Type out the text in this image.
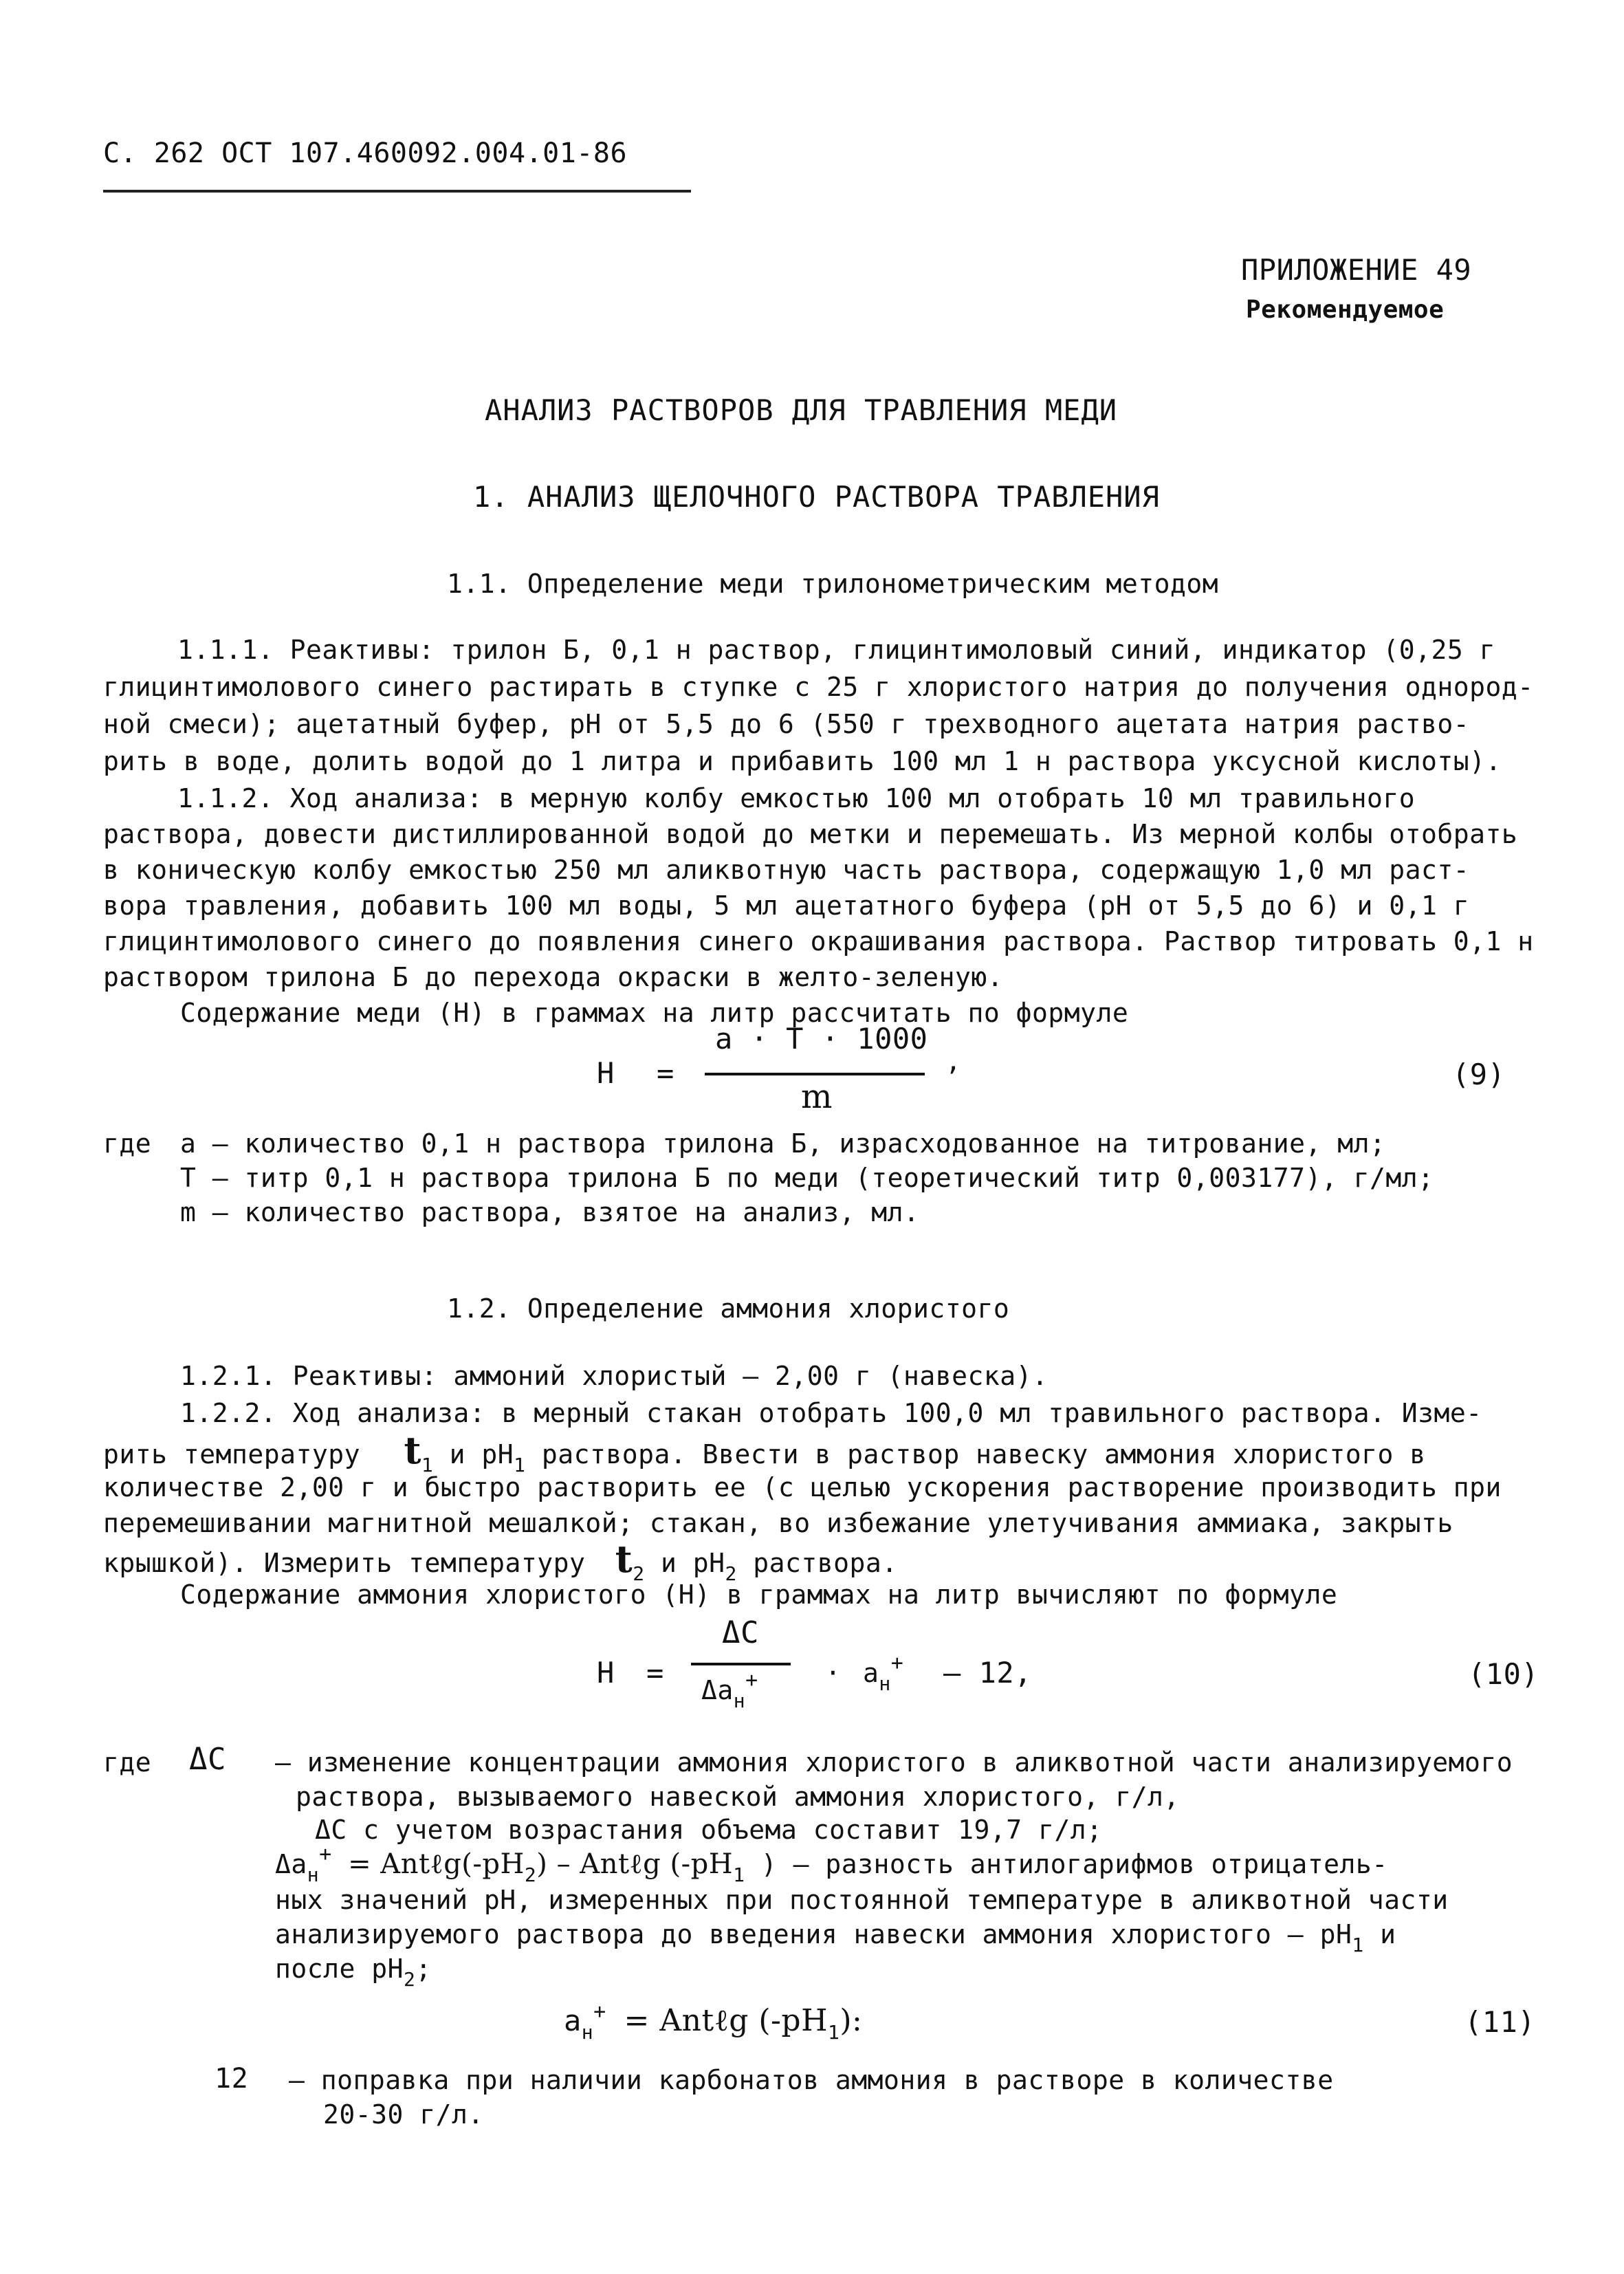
С. 262 ОСТ 107.460092.004.01-86
ПРИЛОЖЕНИЕ 49
Рекомендуемое
АНАЛИЗ РАСТВОРОВ ДЛЯ ТРАВЛЕНИЯ МЕДИ
1. АНАЛИЗ ЩЕЛОЧНОГО РАСТВОРА ТРАВЛЕНИЯ
1.1. Определение меди трилонометрическим методом
1.1.1. Реактивы: трилон Б, 0,1 н раствор, глицинтимоловый синий, индикатор (0,25 г
глицинтимолового синего растирать в ступке с 25 г хлористого натрия до получения однород-
ной смеси); ацетатный буфер, pH от 5,5 до 6 (550 г трехводного ацетата натрия раство-
рить в воде, долить водой до 1 литра и прибавить 100 мл 1 н раствора уксусной кислоты).
1.1.2. Ход анализа: в мерную колбу емкостью 100 мл отобрать 10 мл травильного
раствора, довести дистиллированной водой до метки и перемешать. Из мерной колбы отобрать
в коническую колбу емкостью 250 мл аликвотную часть раствора, содержащую 1,0 мл раст-
вора травления, добавить 100 мл воды, 5 мл ацетатного буфера (pH от 5,5 до 6) и 0,1 г
глицинтимолового синего до появления синего окрашивания раствора. Раствор титровать 0,1 н
раствором трилона Б до перехода окраски в желто-зеленую.
Содержание меди (H) в граммах на литр рассчитать по формуле
H =
a · T · 1000
m
,	(9)
где a – количество 0,1 н раствора трилона Б, израсходованное на титрование, мл;
T – титр 0,1 н раствора трилона Б по меди (теоретический титр 0,003177), г/мл;
m – количество раствора, взятое на анализ, мл.
1.2. Определение аммония хлористого
1.2.1. Реактивы: аммоний хлористый – 2,00 г (навеска).
1.2.2. Ход анализа: в мерный стакан отобрать 100,0 мл травильного раствора. Изме-
рить температуру $t_1$ и $pH_1$ раствора. Ввести в раствор навеску аммония хлористого в
количестве 2,00 г и быстро растворить ее (с целью ускорения растворение производить при
перемешивании магнитной мешалкой; стакан, во избежание улетучивания аммиака, закрыть
крышкой). Измерить температуру $t_2$ и $pH_2$ раствора.
Содержание аммония хлористого (H) в граммах на литр вычисляют по формуле
H =
ΔC
$\Delta a_н^+$	· $a_н^+ - 12$,	(10)
где ΔC – изменение концентрации аммония хлористого в аликвотной части анализируемого
раствора, вызываемого навеской аммония хлористого, г/л,
ΔC с учетом возрастания объема составит 19,7 г/л;
$\Delta a_н^+$ = $Ant\ell g(-pH_2)$ – Antℓg ($-pH_1$ ) – разность антилогарифмов отрицатель-
ных значений pH, измеренных при постоянной температуре в аликвотной части
анализируемого раствора до введения навески аммония хлористого – $pH_1$ и
после $pH_2$;
$a_н^+$ = Antℓg $(-pH_1)$:	(11)
12 – поправка при наличии карбонатов аммония в растворе в количестве
20-30 г/л.
